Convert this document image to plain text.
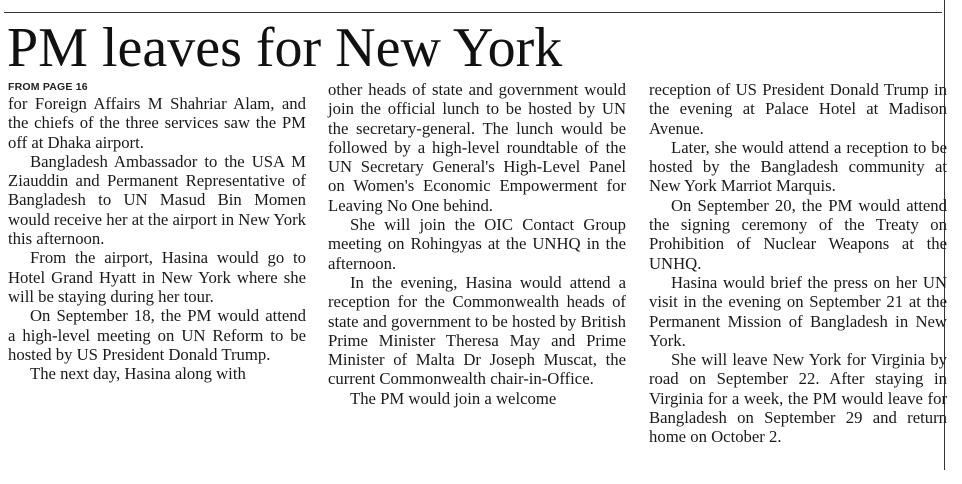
PM leaves for New York
FROM PAGE 16

for Foreign Affairs M Shahriar Alam, and the chiefs of the three services saw the PM off at Dhaka airport.

Bangladesh Ambassador to the USA M Ziauddin and Permanent Representative of Bangladesh to UN Masud Bin Momen would receive her at the airport in New York this afternoon.

From the airport, Hasina would go to Hotel Grand Hyatt in New York where she will be staying during her tour.

On September 18, the PM would attend a high-level meeting on UN Reform to be hosted by US President Donald Trump.

The next day, Hasina along with

other heads of state and government would join the official lunch to be hosted by UN the secretary-general. The lunch would be followed by a high-level roundtable of the UN Secretary General's High-Level Panel on Women's Economic Empowerment for Leaving No One behind.

She will join the OIC Contact Group meeting on Rohingyas at the UNHQ in the afternoon.

In the evening, Hasina would attend a reception for the Commonwealth heads of state and government to be hosted by British Prime Minister Theresa May and Prime Minister of Malta Dr Joseph Muscat, the current Commonwealth chair-in-Office.

The PM would join a welcome

reception of US President Donald Trump in the evening at Palace Hotel at Madison Avenue.

Later, she would attend a reception to be hosted by the Bangladesh community at New York Marriot Marquis.

On September 20, the PM would attend the signing ceremony of the Treaty on Prohibition of Nuclear Weapons at the UNHQ.

Hasina would brief the press on her UN visit in the evening on September 21 at the Permanent Mission of Bangladesh in New York.

She will leave New York for Virginia by road on September 22. After staying in Virginia for a week, the PM would leave for Bangladesh on September 29 and return home on October 2.
